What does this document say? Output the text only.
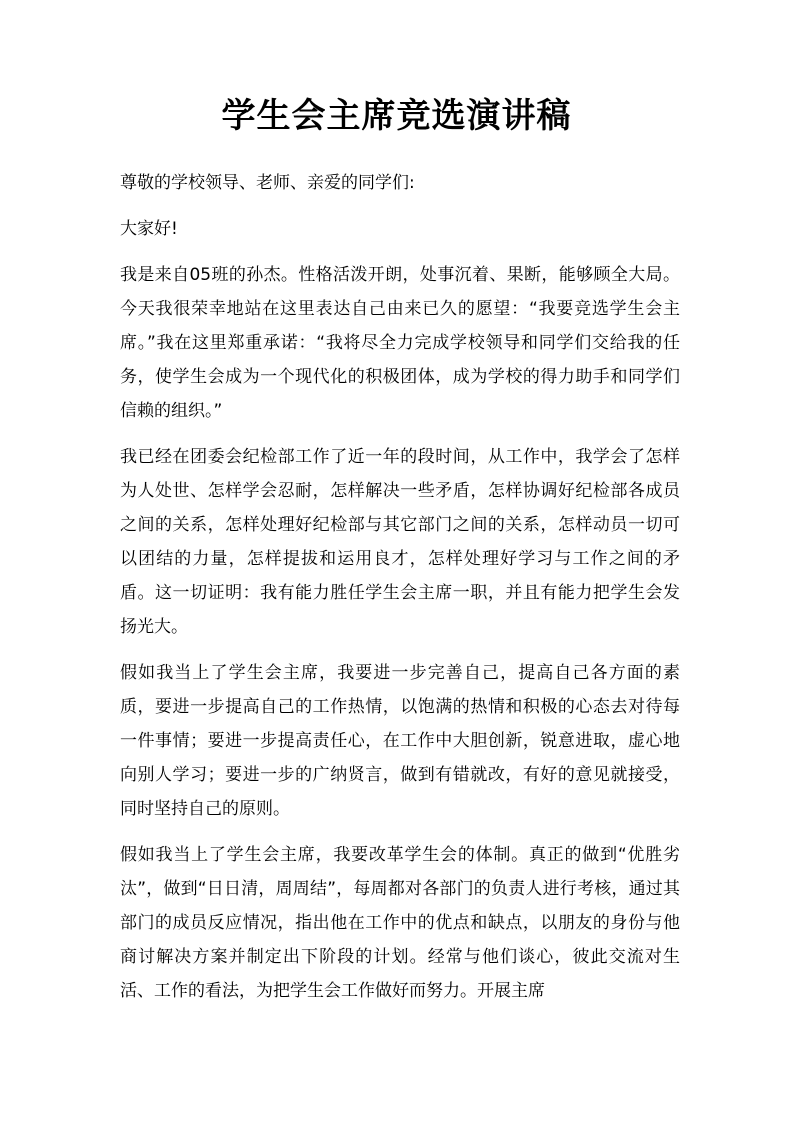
学生会主席竞选演讲稿

尊敬的学校领导、老师、亲爱的同学们:

大家好!

我是来自05班的孙杰。性格活泼开朗，处事沉着、果断，能够顾全大局。今天我很荣幸地站在这里表达自己由来已久的愿望：“我要竞选学生会主席。”我在这里郑重承诺：“我将尽全力完成学校领导和同学们交给我的任务，使学生会成为一个现代化的积极团体，成为学校的得力助手和同学们信赖的组织。”

我已经在团委会纪检部工作了近一年的段时间，从工作中，我学会了怎样为人处世、怎样学会忍耐，怎样解决一些矛盾，怎样协调好纪检部各成员之间的关系，怎样处理好纪检部与其它部门之间的关系，怎样动员一切可以团结的力量，怎样提拔和运用良才，怎样处理好学习与工作之间的矛盾。这一切证明：我有能力胜任学生会主席一职，并且有能力把学生会发扬光大。

假如我当上了学生会主席，我要进一步完善自己，提高自己各方面的素质，要进一步提高自己的工作热情，以饱满的热情和积极的心态去对待每一件事情；要进一步提高责任心，在工作中大胆创新，锐意进取，虚心地向别人学习；要进一步的广纳贤言，做到有错就改，有好的意见就接受，同时坚持自己的原则。

假如我当上了学生会主席，我要改革学生会的体制。真正的做到“优胜劣汰”，做到“日日清，周周结”，每周都对各部门的负责人进行考核，通过其部门的成员反应情况，指出他在工作中的优点和缺点，以朋友的身份与他商讨解决方案并制定出下阶段的计划。经常与他们谈心，彼此交流对生活、工作的看法，为把学生会工作做好而努力。开展主席
